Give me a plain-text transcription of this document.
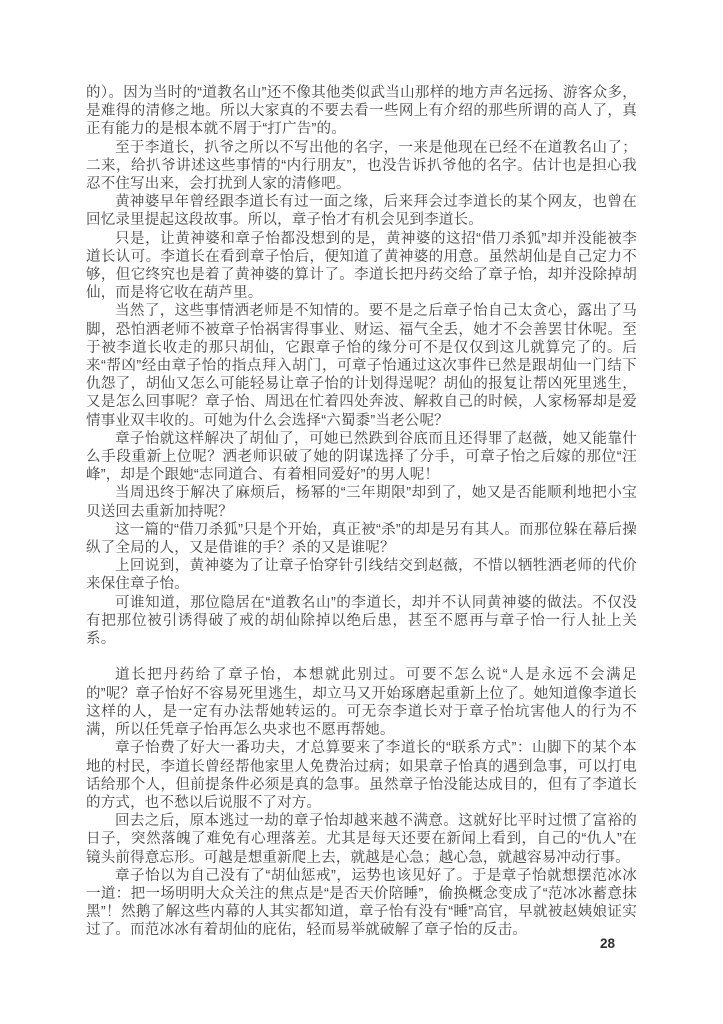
的）。因为当时的“道教名山”还不像其他类似武当山那样的地方声名远扬、游客众多，是难得的清修之地。所以大家真的不要去看一些网上有介绍的那些所谓的高人了，真正有能力的是根本就不屑于“打广告”的。

至于李道长，扒爷之所以不写出他的名字，一来是他现在已经不在道教名山了；二来，给扒爷讲述这些事情的“内行朋友”，也没告诉扒爷他的名字。估计也是担心我忍不住写出来，会打扰到人家的清修吧。

黄神婆早年曾经跟李道长有过一面之缘，后来拜会过李道长的某个网友，也曾在回忆录里提起这段故事。所以，章子怡才有机会见到李道长。

只是，让黄神婆和章子怡都没想到的是，黄神婆的这招“借刀杀狐”却并没能被李道长认可。李道长在看到章子怡后，便知道了黄神婆的用意。虽然胡仙是自己定力不够，但它终究也是着了黄神婆的算计了。李道长把丹药交给了章子怡，却并没除掉胡仙，而是将它收在葫芦里。

当然了，这些事情洒老师是不知情的。要不是之后章子怡自己太贪心，露出了马脚，恐怕洒老师不被章子怡祸害得事业、财运、福气全丢，她才不会善罢甘休呢。至于被李道长收走的那只胡仙，它跟章子怡的缘分可不是仅仅到这儿就算完了的。后来“帮凶”经由章子怡的指点拜入胡门，可章子怡通过这次事件已然是跟胡仙一门结下仇怨了，胡仙又怎么可能轻易让章子怡的计划得逞呢？胡仙的报复让帮凶死里逃生，又是怎么回事呢？章子怡、周迅在忙着四处奔波、解救自己的时候，人家杨幂却是爱情事业双丰收的。可她为什么会选择“六蜀黍”当老公呢？

章子怡就这样解决了胡仙了，可她已然跌到谷底而且还得罪了赵薇，她又能靠什么手段重新上位呢？洒老师识破了她的阴谋选择了分手，可章子怡之后嫁的那位“汪峰”，却是个跟她“志同道合、有着相同爱好”的男人呢！

当周迅终于解决了麻烦后，杨幂的“三年期限”却到了，她又是否能顺利地把小宝贝送回去重新加持呢？

这一篇的“借刀杀狐”只是个开始，真正被“杀”的却是另有其人。而那位躲在幕后操纵了全局的人，又是借谁的手？杀的又是谁呢？

上回说到，黄神婆为了让章子怡穿针引线结交到赵薇，不惜以牺牲洒老师的代价来保住章子怡。

可谁知道，那位隐居在“道教名山”的李道长，却并不认同黄神婆的做法。不仅没有把那位被引诱得破了戒的胡仙除掉以绝后患，甚至不愿再与章子怡一行人扯上关系。

道长把丹药给了章子怡，本想就此别过。可要不怎么说“人是永远不会满足的”呢？章子怡好不容易死里逃生，却立马又开始琢磨起重新上位了。她知道像李道长这样的人，是一定有办法帮她转运的。可无奈李道长对于章子怡坑害他人的行为不满，所以任凭章子怡再怎么央求也不愿再帮她。

章子怡费了好大一番功夫，才总算要来了李道长的“联系方式”：山脚下的某个本地的村民，李道长曾经帮他家里人免费治过病；如果章子怡真的遇到急事，可以打电话给那个人，但前提条件必须是真的急事。虽然章子怡没能达成目的，但有了李道长的方式，也不愁以后说服不了对方。

回去之后，原本逃过一劫的章子怡却越来越不满意。这就好比平时过惯了富裕的日子，突然落魄了难免有心理落差。尤其是每天还要在新闻上看到，自己的“仇人”在镜头前得意忘形。可越是想重新爬上去，就越是心急；越心急，就越容易冲动行事。

章子怡以为自己没有了“胡仙惩戒”，运势也该见好了。于是章子怡就想摆范冰冰一道：把一场明明大众关注的焦点是“是否天价陪睡”，偷换概念变成了“范冰冰蓄意抹黑”！然鹅了解这些内幕的人其实都知道，章子怡有没有“睡”高官，早就被赵姨娘证实过了。而范冰冰有着胡仙的庇佑，轻而易举就破解了章子怡的反击。

28
